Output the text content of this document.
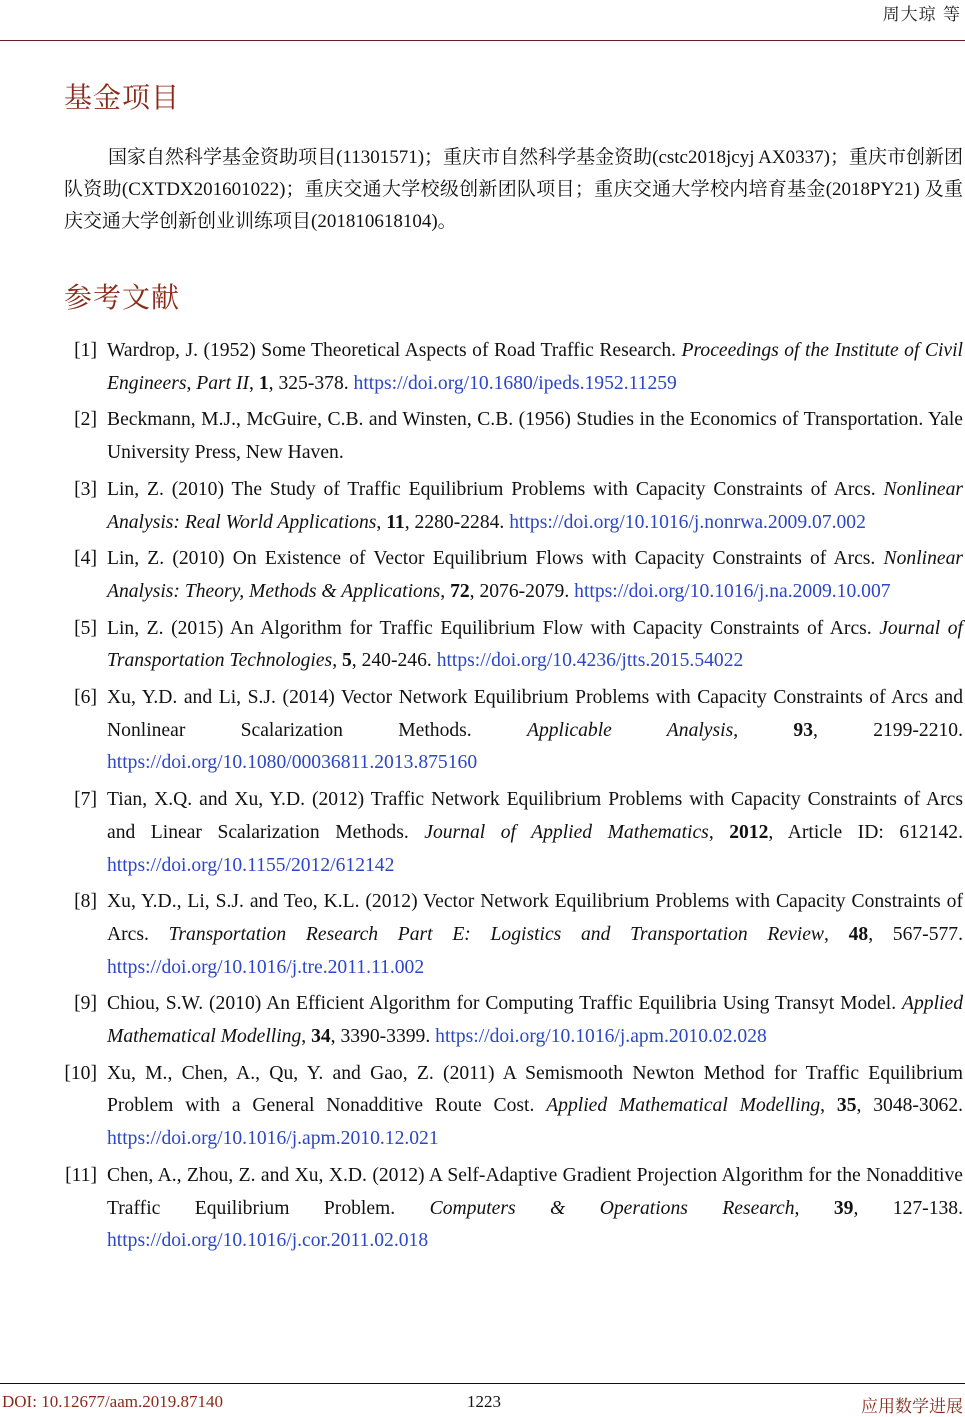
周大琼 等
基金项目
国家自然科学基金资助项目(11301571)；重庆市自然科学基金资助(cstc2018jcyj AX0337)；重庆市创新团队资助(CXTDX201601022)；重庆交通大学校级创新团队项目；重庆交通大学校内培育基金(2018PY21) 及重庆交通大学创新创业训练项目(201810618104)。
参考文献
[1] Wardrop, J. (1952) Some Theoretical Aspects of Road Traffic Research. Proceedings of the Institute of Civil Engineers, Part II, 1, 325-378. https://doi.org/10.1680/ipeds.1952.11259
[2] Beckmann, M.J., McGuire, C.B. and Winsten, C.B. (1956) Studies in the Economics of Transportation. Yale University Press, New Haven.
[3] Lin, Z. (2010) The Study of Traffic Equilibrium Problems with Capacity Constraints of Arcs. Nonlinear Analysis: Real World Applications, 11, 2280-2284. https://doi.org/10.1016/j.nonrwa.2009.07.002
[4] Lin, Z. (2010) On Existence of Vector Equilibrium Flows with Capacity Constraints of Arcs. Nonlinear Analysis: Theory, Methods & Applications, 72, 2076-2079. https://doi.org/10.1016/j.na.2009.10.007
[5] Lin, Z. (2015) An Algorithm for Traffic Equilibrium Flow with Capacity Constraints of Arcs. Journal of Transportation Technologies, 5, 240-246. https://doi.org/10.4236/jtts.2015.54022
[6] Xu, Y.D. and Li, S.J. (2014) Vector Network Equilibrium Problems with Capacity Constraints of Arcs and Nonlinear Scalarization Methods. Applicable Analysis, 93, 2199-2210. https://doi.org/10.1080/00036811.2013.875160
[7] Tian, X.Q. and Xu, Y.D. (2012) Traffic Network Equilibrium Problems with Capacity Constraints of Arcs and Linear Scalarization Methods. Journal of Applied Mathematics, 2012, Article ID: 612142. https://doi.org/10.1155/2012/612142
[8] Xu, Y.D., Li, S.J. and Teo, K.L. (2012) Vector Network Equilibrium Problems with Capacity Constraints of Arcs. Transportation Research Part E: Logistics and Transportation Review, 48, 567-577. https://doi.org/10.1016/j.tre.2011.11.002
[9] Chiou, S.W. (2010) An Efficient Algorithm for Computing Traffic Equilibria Using Transyt Model. Applied Mathematical Modelling, 34, 3390-3399. https://doi.org/10.1016/j.apm.2010.02.028
[10] Xu, M., Chen, A., Qu, Y. and Gao, Z. (2011) A Semismooth Newton Method for Traffic Equilibrium Problem with a General Nonadditive Route Cost. Applied Mathematical Modelling, 35, 3048-3062. https://doi.org/10.1016/j.apm.2010.12.021
[11] Chen, A., Zhou, Z. and Xu, X.D. (2012) A Self-Adaptive Gradient Projection Algorithm for the Nonadditive Traffic Equilibrium Problem. Computers & Operations Research, 39, 127-138. https://doi.org/10.1016/j.cor.2011.02.018
DOI: 10.12677/aam.2019.87140	1223	应用数学进展
